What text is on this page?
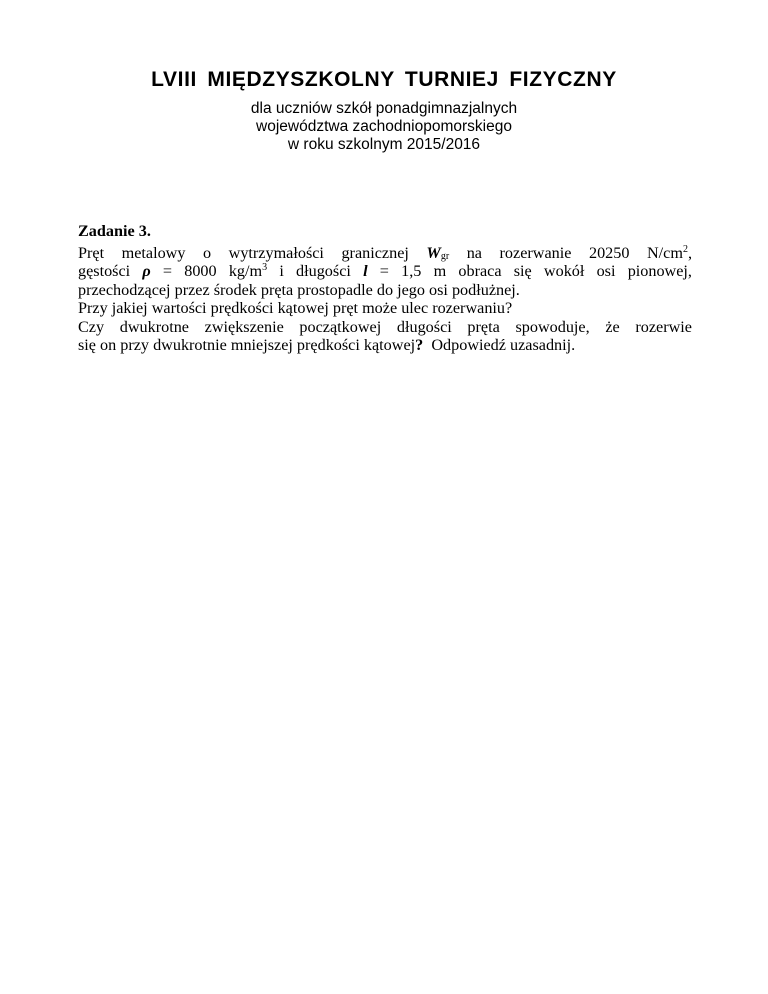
LVIII MIĘDZYSZKOLNY TURNIEJ FIZYCZNY
dla uczniów szkół ponadgimnazjalnych
województwa zachodniopomorskiego
w roku szkolnym 2015/2016
Zadanie 3.
Pręt metalowy o wytrzymałości granicznej $W_{gr}$ na rozerwanie 20250 $N/cm^2$,
gęstości ρ = 8000 $kg/m^3$ i długości l = 1,5 m obraca się wokół osi pionowej,
przechodzącej przez środek pręta prostopadle do jego osi podłużnej.
Przy jakiej wartości prędkości kątowej pręt może ulec rozerwaniu?
Czy dwukrotne zwiększenie początkowej długości pręta spowoduje, że rozerwie
się on przy dwukrotnie mniejszej prędkości kątowej?  Odpowiedź uzasadnij.
